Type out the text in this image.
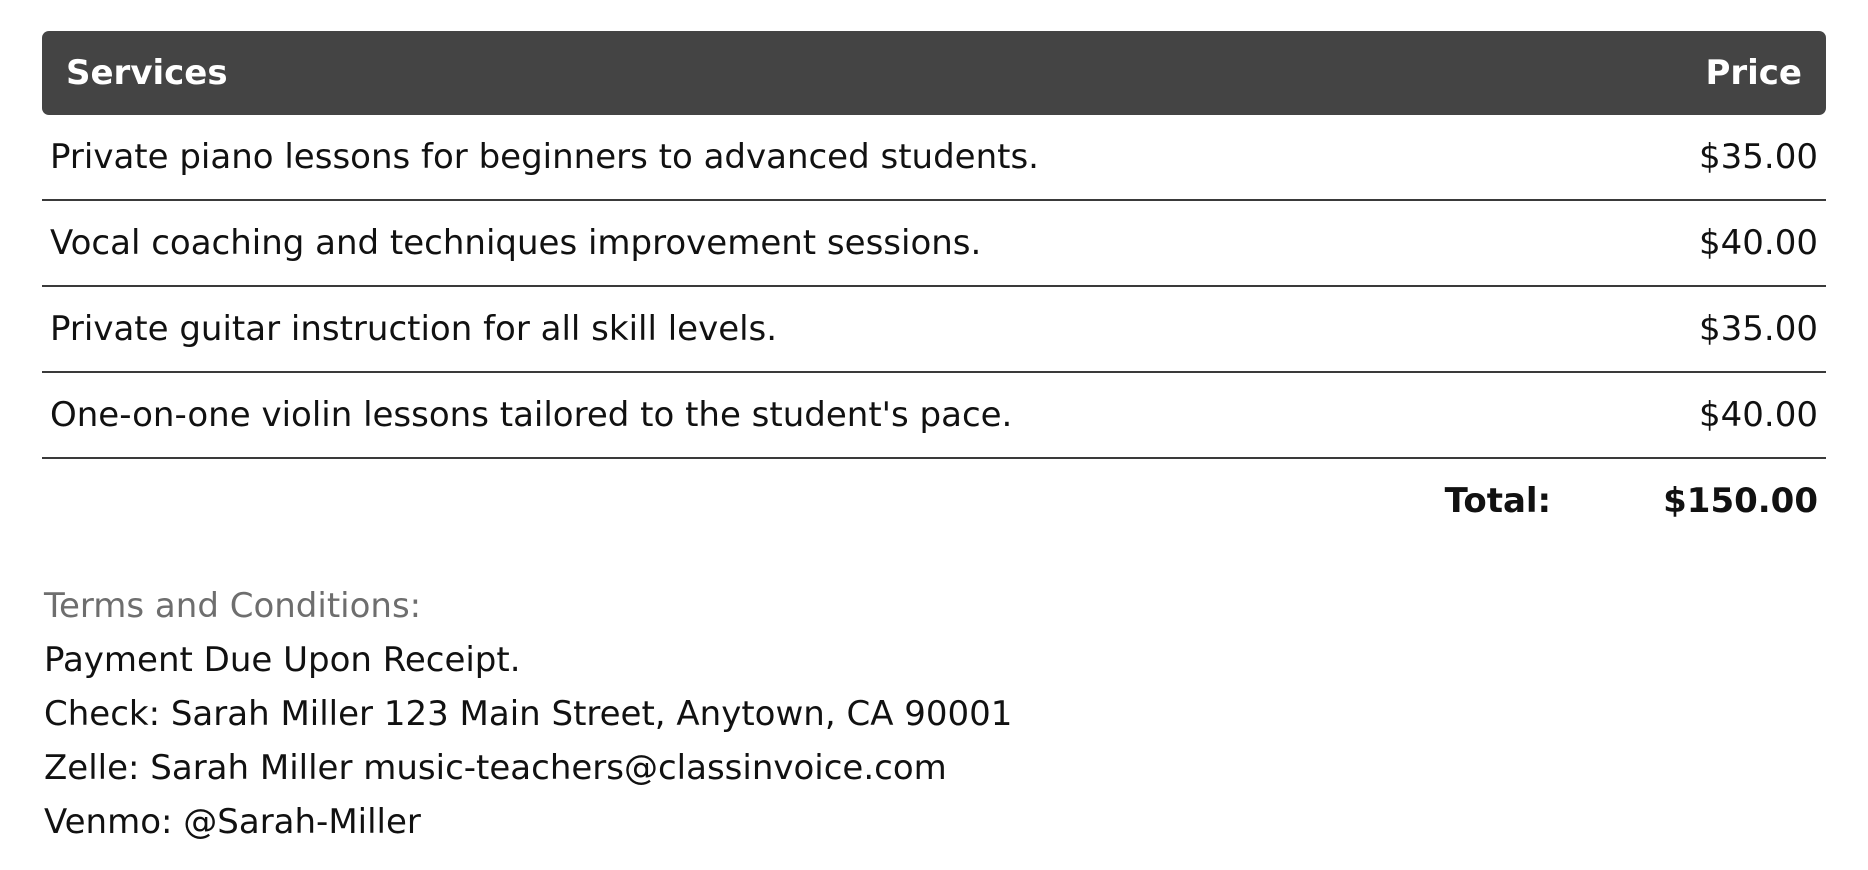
Services	Price
Private piano lessons for beginners to advanced students.	$35.00
Vocal coaching and techniques improvement sessions.	$40.00
Private guitar instruction for all skill levels.	$35.00
One-on-one violin lessons tailored to the student's pace.	$40.00
Total:	$150.00
Terms and Conditions:
Payment Due Upon Receipt.
Check: Sarah Miller 123 Main Street, Anytown, CA 90001
Zelle: Sarah Miller music-teachers@classinvoice.com
Venmo: @Sarah-Miller
